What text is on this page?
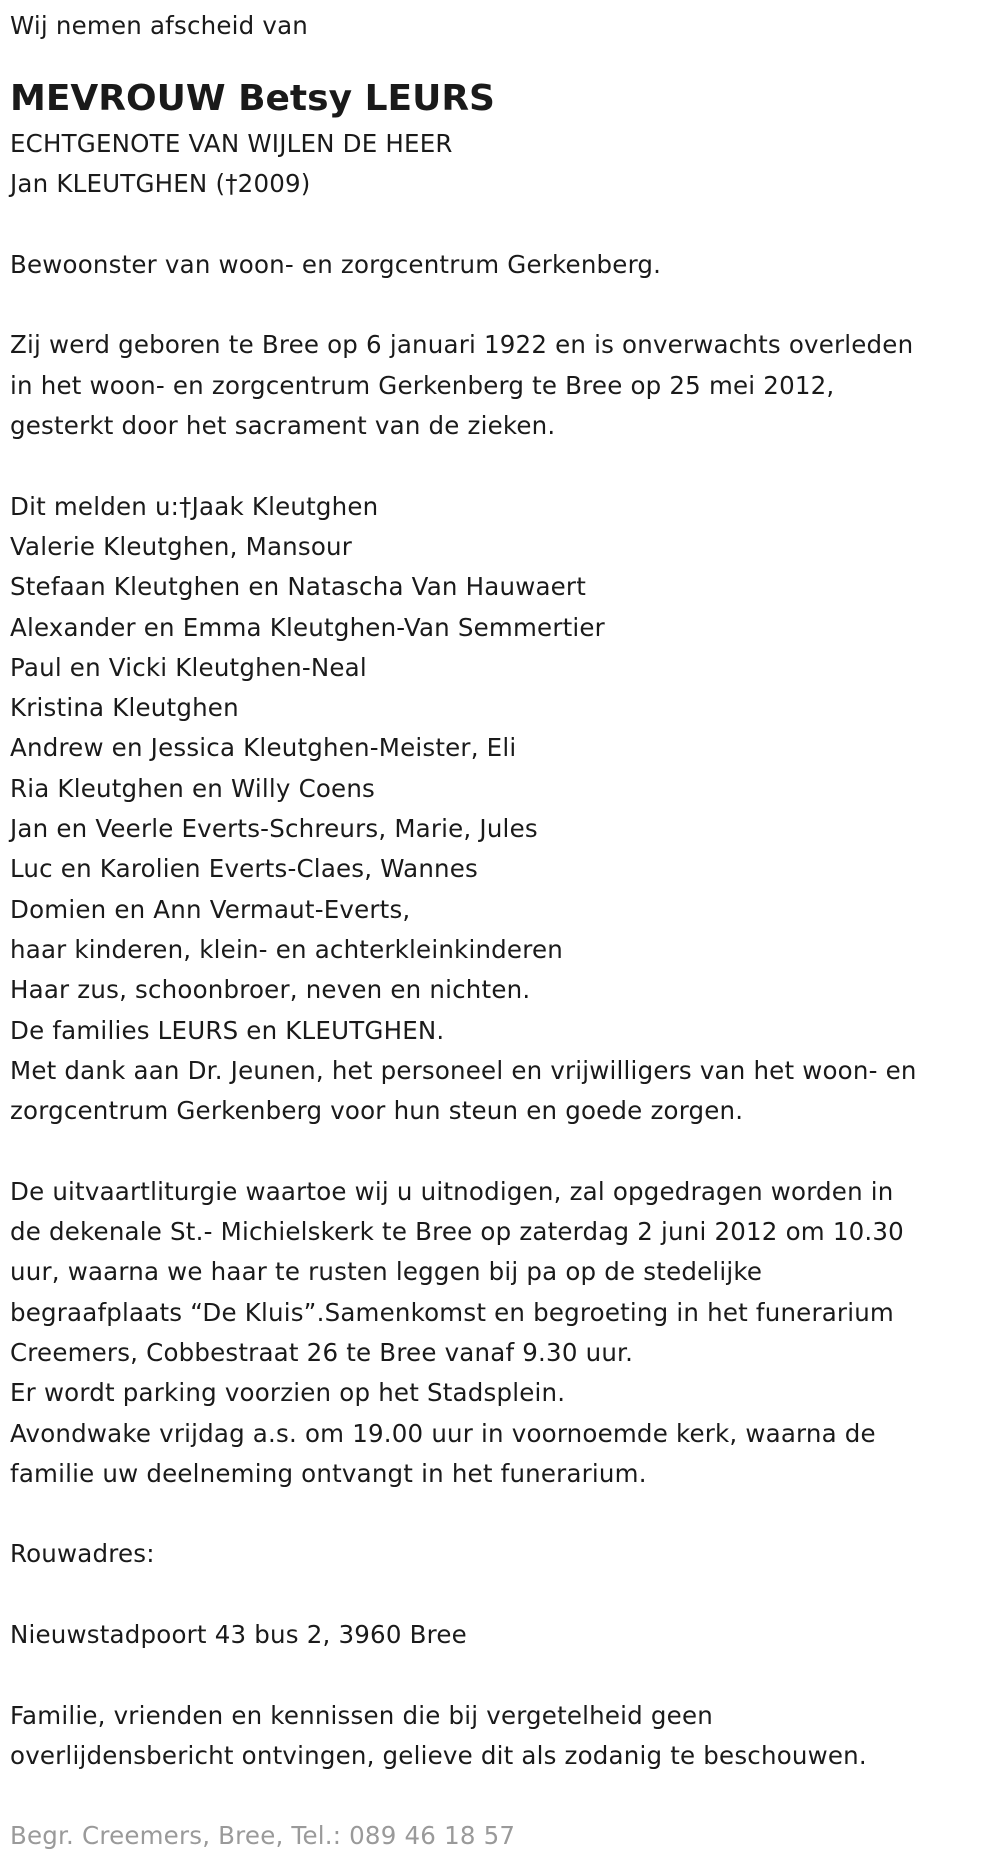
Wij nemen afscheid van
MEVROUW Betsy LEURS
ECHTGENOTE VAN WIJLEN DE HEER
Jan KLEUTGHEN (†2009)
Bewoonster van woon- en zorgcentrum Gerkenberg.
Zij werd geboren te Bree op 6 januari 1922 en is onverwachts overleden
in het woon- en zorgcentrum Gerkenberg te Bree op 25 mei 2012,
gesterkt door het sacrament van de zieken.
Dit melden u:†Jaak Kleutghen
Valerie Kleutghen, Mansour
Stefaan Kleutghen en Natascha Van Hauwaert
Alexander en Emma Kleutghen-Van Semmertier
Paul en Vicki Kleutghen-Neal
Kristina Kleutghen
Andrew en Jessica Kleutghen-Meister, Eli
Ria Kleutghen en Willy Coens
Jan en Veerle Everts-Schreurs, Marie, Jules
Luc en Karolien Everts-Claes, Wannes
Domien en Ann Vermaut-Everts,
haar kinderen, klein- en achterkleinkinderen
Haar zus, schoonbroer, neven en nichten.
De families LEURS en KLEUTGHEN.
Met dank aan Dr. Jeunen, het personeel en vrijwilligers van het woon- en
zorgcentrum Gerkenberg voor hun steun en goede zorgen.
De uitvaartliturgie waartoe wij u uitnodigen, zal opgedragen worden in
de dekenale St.- Michielskerk te Bree op zaterdag 2 juni 2012 om 10.30
uur, waarna we haar te rusten leggen bij pa op de stedelijke
begraafplaats “De Kluis”.Samenkomst en begroeting in het funerarium
Creemers, Cobbestraat 26 te Bree vanaf 9.30 uur.
Er wordt parking voorzien op het Stadsplein.
Avondwake vrijdag a.s. om 19.00 uur in voornoemde kerk, waarna de
familie uw deelneming ontvangt in het funerarium.
Rouwadres:
Nieuwstadpoort 43 bus 2, 3960 Bree
Familie, vrienden en kennissen die bij vergetelheid geen
overlijdensbericht ontvingen, gelieve dit als zodanig te beschouwen.
Begr. Creemers, Bree, Tel.: 089 46 18 57
